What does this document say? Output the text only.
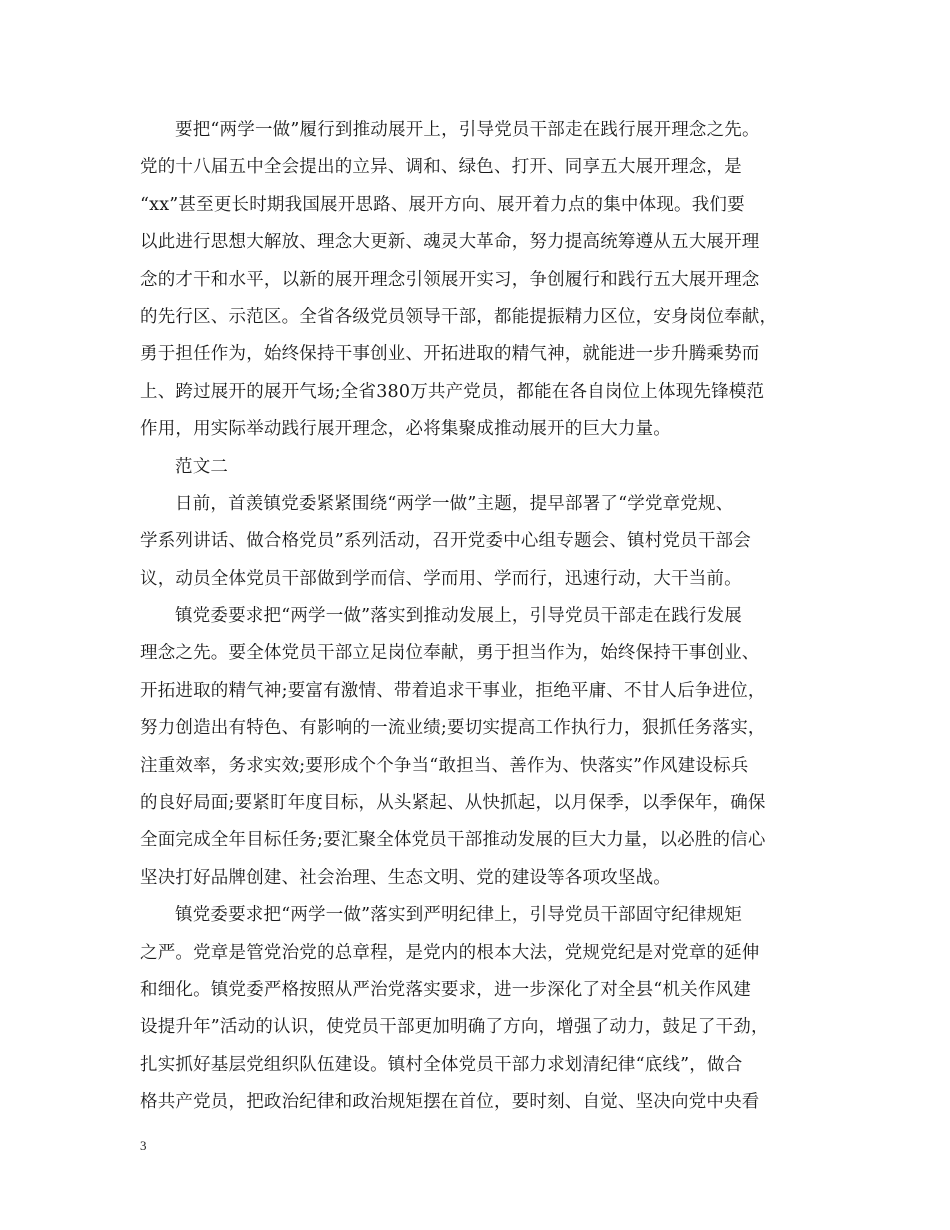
要把“两学一做”履行到推动展开上，引导党员干部走在践行展开理念之先。
党的十八届五中全会提出的立异、调和、绿色、打开、同享五大展开理念，是
“xx”甚至更长时期我国展开思路、展开方向、展开着力点的集中体现。我们要
以此进行思想大解放、理念大更新、魂灵大革命，努力提高统筹遵从五大展开理
念的才干和水平，以新的展开理念引领展开实习，争创履行和践行五大展开理念
的先行区、示范区。全省各级党员领导干部，都能提振精力区位，安身岗位奉献，
勇于担任作为，始终保持干事创业、开拓进取的精气神，就能进一步升腾乘势而
上、跨过展开的展开气场;全省380万共产党员，都能在各自岗位上体现先锋模范
作用，用实际举动践行展开理念，必将集聚成推动展开的巨大力量。
范文二
日前，首羡镇党委紧紧围绕“两学一做”主题，提早部署了“学党章党规、
学系列讲话、做合格党员”系列活动，召开党委中心组专题会、镇村党员干部会
议，动员全体党员干部做到学而信、学而用、学而行，迅速行动，大干当前。
镇党委要求把“两学一做”落实到推动发展上，引导党员干部走在践行发展
理念之先。要全体党员干部立足岗位奉献，勇于担当作为，始终保持干事创业、
开拓进取的精气神;要富有激情、带着追求干事业，拒绝平庸、不甘人后争进位，
努力创造出有特色、有影响的一流业绩;要切实提高工作执行力，狠抓任务落实，
注重效率，务求实效;要形成个个争当“敢担当、善作为、快落实”作风建设标兵
的良好局面;要紧盯年度目标，从头紧起、从快抓起，以月保季，以季保年，确保
全面完成全年目标任务;要汇聚全体党员干部推动发展的巨大力量，以必胜的信心
坚决打好品牌创建、社会治理、生态文明、党的建设等各项攻坚战。
镇党委要求把“两学一做”落实到严明纪律上，引导党员干部固守纪律规矩
之严。党章是管党治党的总章程，是党内的根本大法，党规党纪是对党章的延伸
和细化。镇党委严格按照从严治党落实要求，进一步深化了对全县“机关作风建
设提升年”活动的认识，使党员干部更加明确了方向，增强了动力，鼓足了干劲，
扎实抓好基层党组织队伍建设。镇村全体党员干部力求划清纪律“底线”，做合
格共产党员，把政治纪律和政治规矩摆在首位，要时刻、自觉、坚决向党中央看
3
